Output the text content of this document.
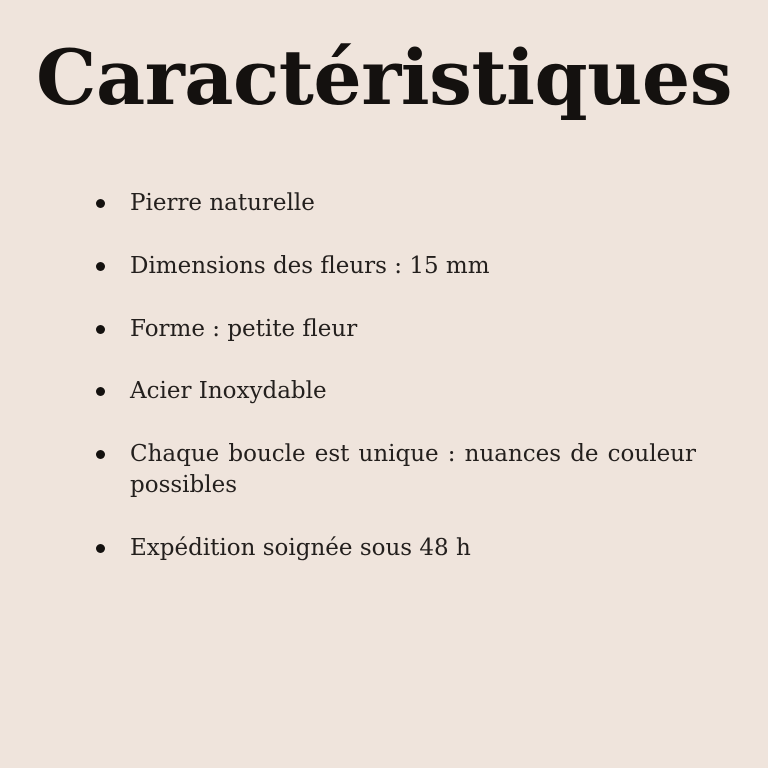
Caractéristiques
Pierre naturelle
Dimensions des fleurs : 15 mm
Forme : petite fleur
Acier Inoxydable
Chaque boucle est unique : nuances de couleur possibles
Expédition soignée sous 48 h
